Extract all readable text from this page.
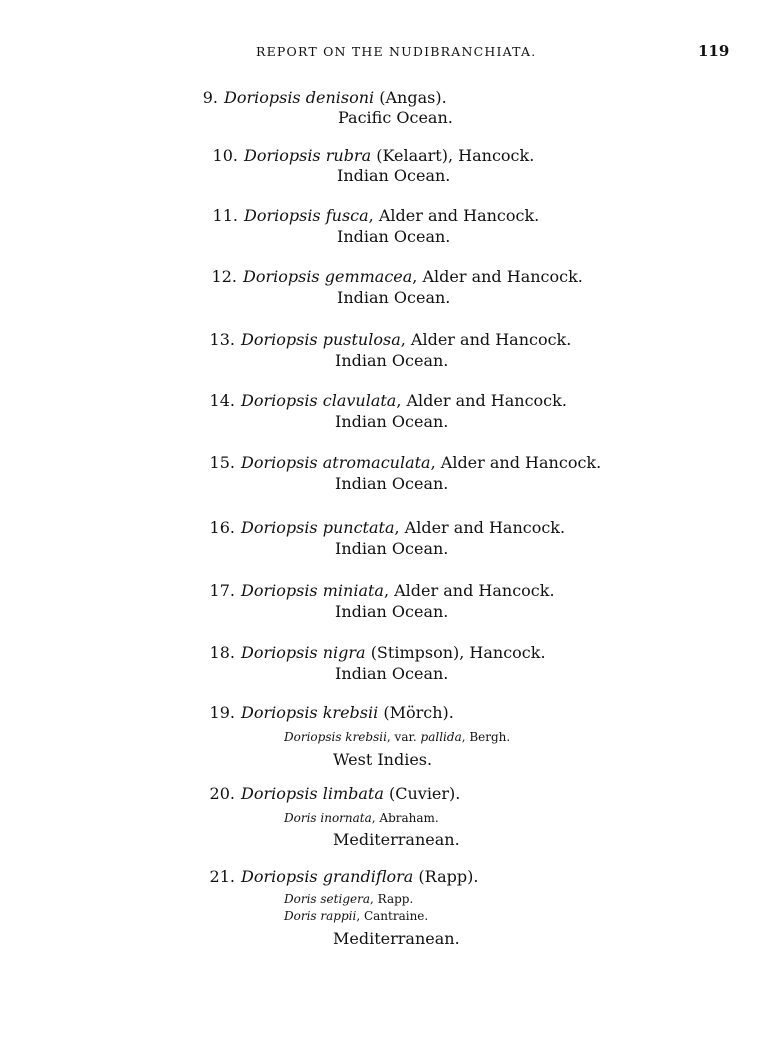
REPORT ON THE NUDIBRANCHIATA.	119
9. Doriopsis denisoni (Angas).
Pacific Ocean.
10. Doriopsis rubra (Kelaart), Hancock.
Indian Ocean.
11. Doriopsis fusca, Alder and Hancock.
Indian Ocean.
12. Doriopsis gemmacea, Alder and Hancock.
Indian Ocean.
13. Doriopsis pustulosa, Alder and Hancock.
Indian Ocean.
14. Doriopsis clavulata, Alder and Hancock.
Indian Ocean.
15. Doriopsis atromaculata, Alder and Hancock.
Indian Ocean.
16. Doriopsis punctata, Alder and Hancock.
Indian Ocean.
17. Doriopsis miniata, Alder and Hancock.
Indian Ocean.
18. Doriopsis nigra (Stimpson), Hancock.
Indian Ocean.
19. Doriopsis krebsii (Mörch).
Doriopsis krebsii, var. pallida, Bergh.
West Indies.
20. Doriopsis limbata (Cuvier).
Doris inornata, Abraham.
Mediterranean.
21. Doriopsis grandiflora (Rapp).
Doris setigera, Rapp.
Doris rappii, Cantraine.
Mediterranean.
